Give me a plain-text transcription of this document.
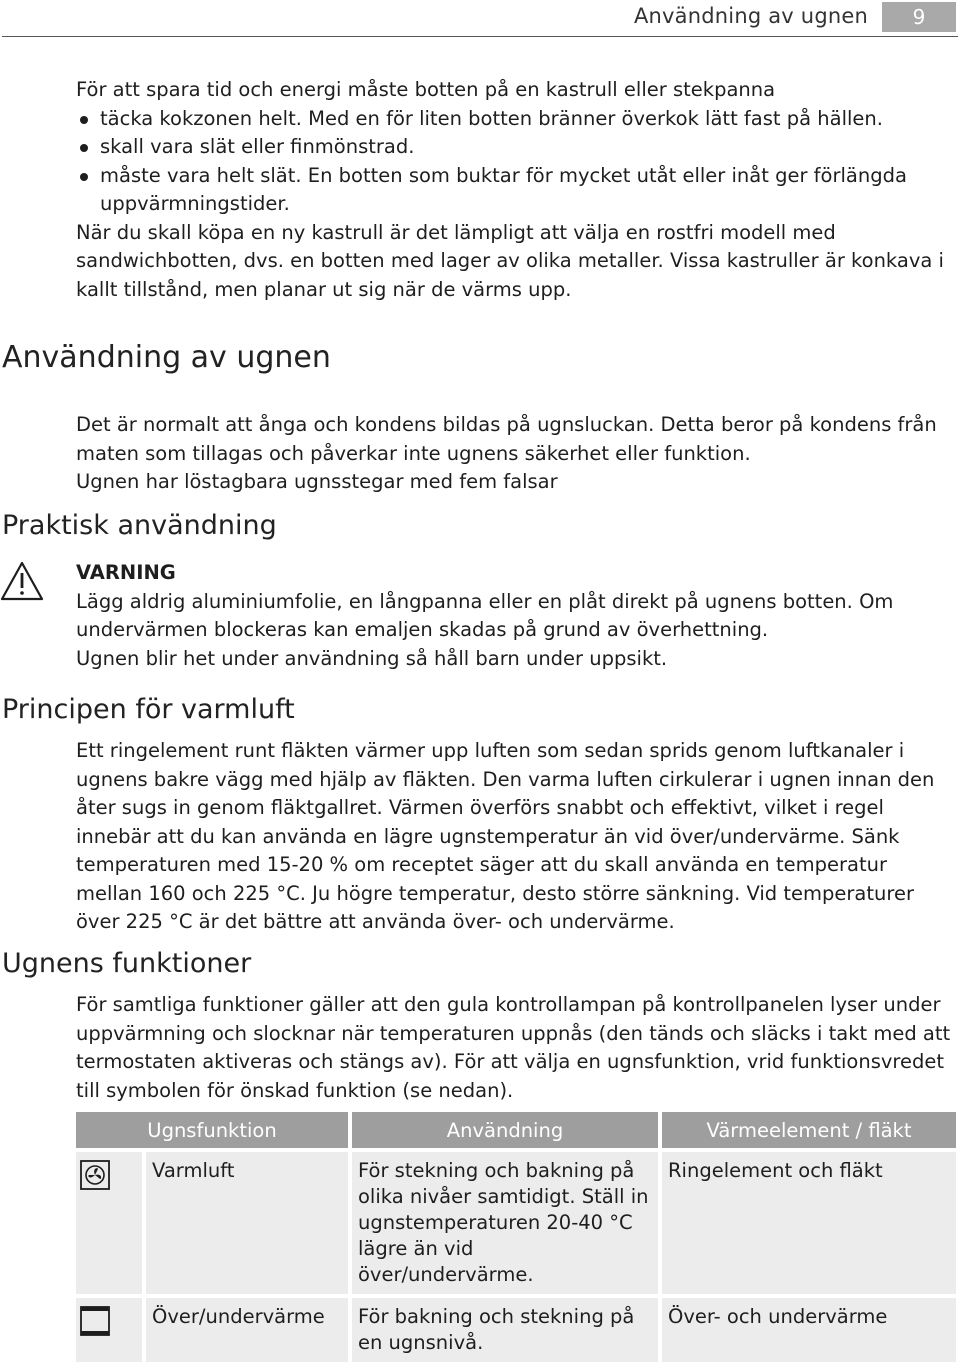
Användning av ugnen	9
För att spara tid och energi måste botten på en kastrull eller stekpanna
täcka kokzonen helt. Med en för liten botten bränner överkok lätt fast på hällen.
skall vara slät eller finmönstrad.
måste vara helt slät. En botten som buktar för mycket utåt eller inåt ger förlängda uppvärmningstider.
När du skall köpa en ny kastrull är det lämpligt att välja en rostfri modell med sandwichbotten, dvs. en botten med lager av olika metaller. Vissa kastruller är konkava i kallt tillstånd, men planar ut sig när de värms upp.
Användning av ugnen
Det är normalt att ånga och kondens bildas på ugnsluckan. Detta beror på kondens från maten som tillagas och påverkar inte ugnens säkerhet eller funktion.
Ugnen har löstagbara ugnsstegar med fem falsar
Praktisk användning
VARNING
Lägg aldrig aluminiumfolie, en långpanna eller en plåt direkt på ugnens botten. Om undervärmen blockeras kan emaljen skadas på grund av överhettning.
Ugnen blir het under användning så håll barn under uppsikt.
Principen för varmluft
Ett ringelement runt fläkten värmer upp luften som sedan sprids genom luftkanaler i ugnens bakre vägg med hjälp av fläkten. Den varma luften cirkulerar i ugnen innan den åter sugs in genom fläktgallret. Värmen överförs snabbt och effektivt, vilket i regel innebär att du kan använda en lägre ugnstemperatur än vid över/undervärme. Sänk temperaturen med 15-20 % om receptet säger att du skall använda en temperatur mellan 160 och 225 °C. Ju högre temperatur, desto större sänkning. Vid temperaturer över 225 °C är det bättre att använda över- och undervärme.
Ugnens funktioner
För samtliga funktioner gäller att den gula kontrollampan på kontrollpanelen lyser under uppvärmning och slocknar när temperaturen uppnås (den tänds och släcks i takt med att termostaten aktiveras och stängs av). För att välja en ugnsfunktion, vrid funktionsvredet till symbolen för önskad funktion (se nedan).
Ugnsfunktion		Användning	Värmeelement / fläkt

	Varmluft	För stekning och bakning på olika nivåer samtidigt. Ställ in ugnstemperaturen 20-40 °C lägre än vid över/undervärme.	Ringelement och fläkt

	Över/undervärme	För bakning och stekning på en ugnsnivå.	Över- och undervärme
